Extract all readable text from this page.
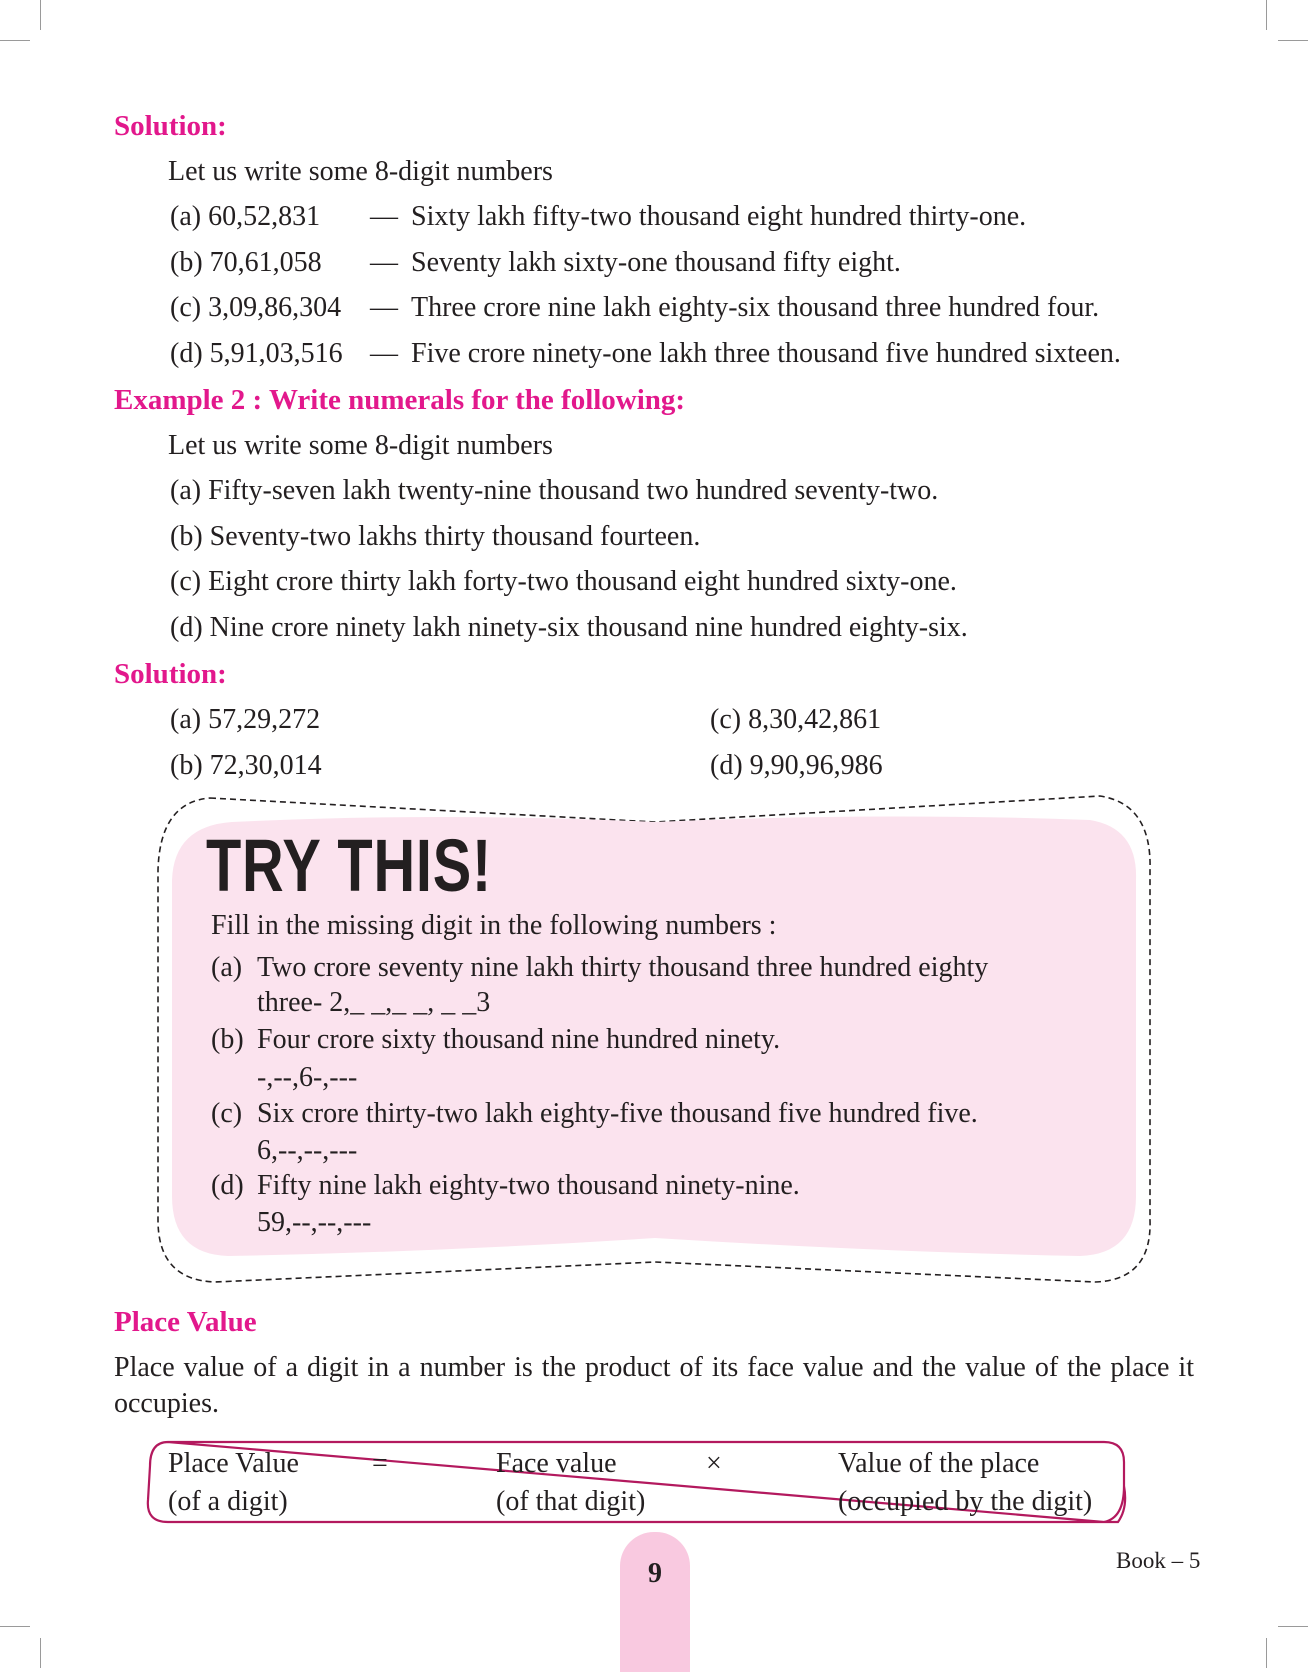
Solution:
Let us write some 8-digit numbers
(a) 60,52,831 — Sixty lakh fifty-two thousand eight hundred thirty-one.
(b) 70,61,058 — Seventy lakh sixty-one thousand fifty eight.
(c) 3,09,86,304 — Three crore nine lakh eighty-six thousand three hundred four.
(d) 5,91,03,516 — Five crore ninety-one lakh three thousand five hundred sixteen.
Example 2 : Write numerals for the following:
Let us write some 8-digit numbers
(a) Fifty-seven lakh twenty-nine thousand two hundred seventy-two.
(b) Seventy-two lakhs thirty thousand fourteen.
(c) Eight crore thirty lakh forty-two thousand eight hundred sixty-one.
(d) Nine crore ninety lakh ninety-six thousand nine hundred eighty-six.
Solution:
(a) 57,29,272
(b) 72,30,014
(c) 8,30,42,861
(d) 9,90,96,986
TRY THIS!
Fill in the missing digit in the following numbers :
(a) Two crore seventy nine lakh thirty thousand three hundred eighty
three- 2,_ _,_ _, _ _3
(b) Four crore sixty thousand nine hundred ninety.
-,--,6-,---
(c) Six crore thirty-two lakh eighty-five thousand five hundred five.
6,--,--,---
(d) Fifty nine lakh eighty-two thousand ninety-nine.
59,--,--,---
Place Value
Place value of a digit in a number is the product of its face value and the value of the place it occupies.
Place Value
(of a digit)
=	Face value
(of that digit)
×	Value of the place
(occupied by the digit)
9	Book – 5
